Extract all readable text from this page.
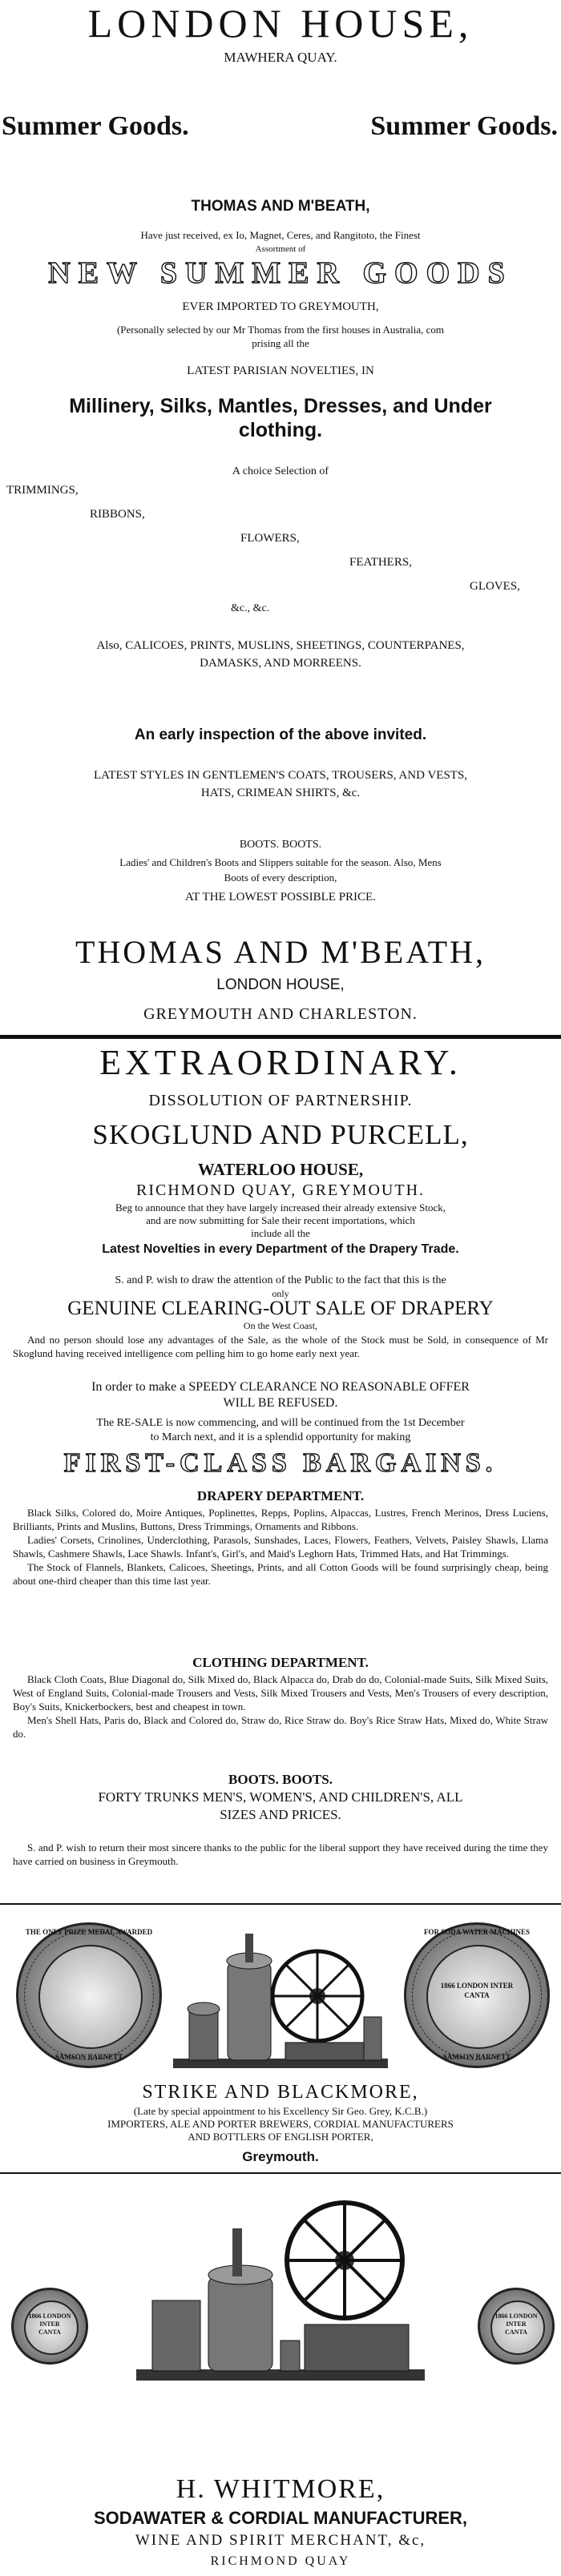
LONDON HOUSE,
MAWHERA QUAY.
Summer Goods.	Summer Goods.
THOMAS AND M'BEATH,
Have just received, ex Io, Magnet, Ceres, and Rangitoto, the Finest
Assortment of
NEW SUMMER GOODS
EVER IMPORTED TO GREYMOUTH,
(Personally selected by our Mr Thomas from the first houses in Australia, com
prising all the
LATEST PARISIAN NOVELTIES, IN
Millinery, Silks, Mantles, Dresses, and Under
clothing.
A choice Selection of
TRIMMINGS,
RIBBONS,
FLOWERS,
FEATHERS,
GLOVES,
&c., &c.
Also, CALICOES, PRINTS, MUSLINS, SHEETINGS, COUNTERPANES,
DAMASKS, AND MORREENS.
An early inspection of the above invited.
LATEST STYLES IN GENTLEMEN'S COATS, TROUSERS, AND VESTS,
HATS, CRIMEAN SHIRTS, &c.
BOOTS. BOOTS.
Ladies' and Children's Boots and Slippers suitable for the season. Also, Mens
Boots of every description,
AT THE LOWEST POSSIBLE PRICE.
THOMAS AND M'BEATH,
LONDON HOUSE,
GREYMOUTH AND CHARLESTON.
EXTRAORDINARY.
DISSOLUTION OF PARTNERSHIP.
SKOGLUND AND PURCELL,
WATERLOO HOUSE,
RICHMOND QUAY, GREYMOUTH.
Beg to announce that they have largely increased their already extensive Stock,
and are now submitting for Sale their recent importations, which
include all the
Latest Novelties in every Department of the Drapery Trade.
S. and P. wish to draw the attention of the Public to the fact that this is the
only
GENUINE CLEARING-OUT SALE OF DRAPERY
On the West Coast,

And no person should lose any advantages of the Sale, as the whole of the Stock must be Sold, in consequence of Mr Skoglund having received intelligence com pelling him to go home early next year.

In order to make a SPEEDY CLEARANCE NO REASONABLE OFFER
WILL BE REFUSED.
The RE-SALE is now commencing, and will be continued from the 1st December
to March next, and it is a splendid opportunity for making
FIRST-CLASS BARGAINS.
DRAPERY DEPARTMENT.

Black Silks, Colored do, Moire Antiques, Poplinettes, Repps, Poplins, Alpaccas, Lustres, French Merinos, Dress Luciens, Brilliants, Prints and Muslins, Buttons, Dress Trimmings, Ornaments and Ribbons.

Ladies' Corsets, Crinolines, Underclothing, Parasols, Sunshades, Laces, Flowers, Feathers, Velvets, Paisley Shawls, Llama Shawls, Cashmere Shawls, Lace Shawls. Infant's, Girl's, and Maid's Leghorn Hats, Trimmed Hats, and Hat Trimmings.

The Stock of Flannels, Blankets, Calicoes, Sheetings, Prints, and all Cotton Goods will be found surprisingly cheap, being about one-third cheaper than this time last year.

CLOTHING DEPARTMENT.

Black Cloth Coats, Blue Diagonal do, Silk Mixed do, Black Alpacca do, Drab do do, Colonial-made Suits, Silk Mixed Suits, West of England Suits, Colonial-made Trousers and Vests, Silk Mixed Trousers and Vests, Men's Trousers of every description, Boy's Suits, Knickerbockers, best and cheapest in town.

Men's Shell Hats, Paris do, Black and Colored do, Straw do, Rice Straw do. Boy's Rice Straw Hats, Mixed do, White Straw do.

BOOTS. BOOTS.
FORTY TRUNKS MEN'S, WOMEN'S, AND CHILDREN'S, ALL
SIZES AND PRICES.

S. and P. wish to return their most sincere thanks to the public for the liberal support they have received during the time they have carried on business in Greymouth.

THE ONLY PRIZE MEDAL AWARDED
SAMSON BARNETT
FOR SODA WATER MACHINES
1866 LONDON INTER CANTA
SAMSON BARNETT
STRIKE AND BLACKMORE,
(Late by special appointment to his Excellency Sir Geo. Grey, K.C.B.)
IMPORTERS, ALE AND PORTER BREWERS, CORDIAL MANUFACTURERS
AND BOTTLERS OF ENGLISH PORTER,
Greymouth.
1866 LONDON INTER CANTA
1866 LONDON INTER CANTA
H. WHITMORE,
SODAWATER & CORDIAL MANUFACTURER,
WINE AND SPIRIT MERCHANT, &c,
RICHMOND QUAY
